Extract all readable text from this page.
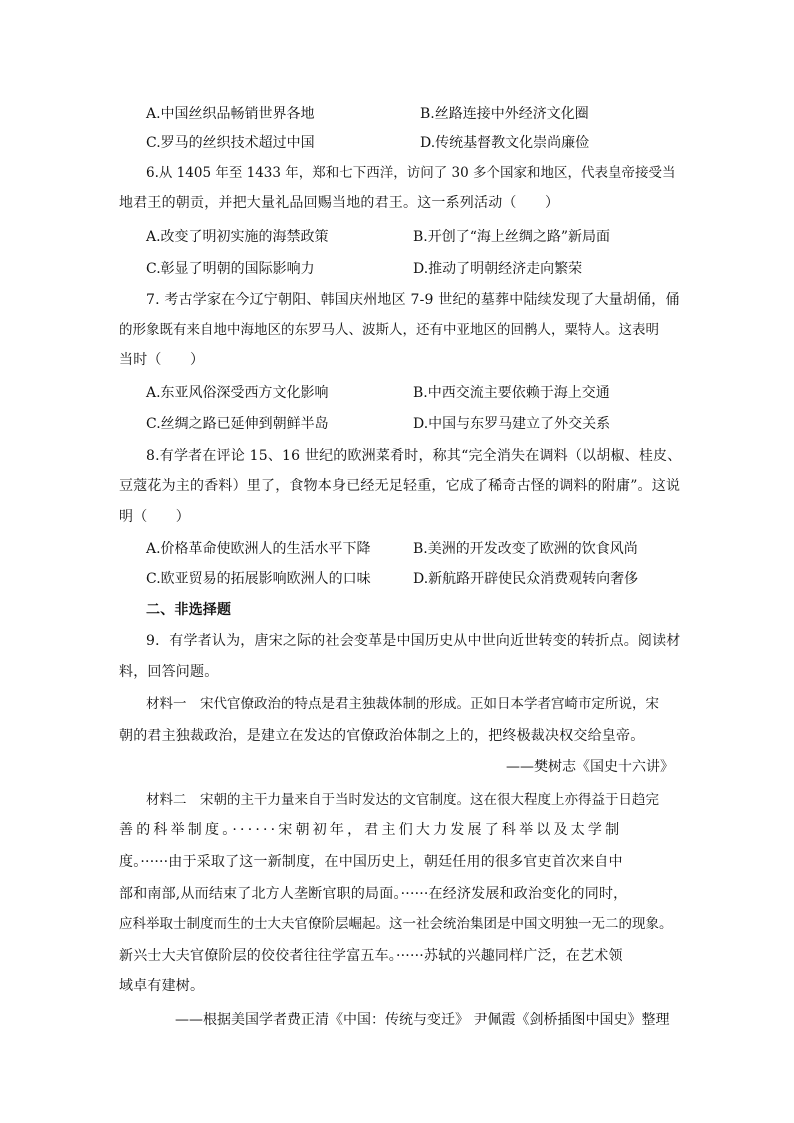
A.中国丝织品畅销世界各地	B.丝路连接中外经济文化圈
C.罗马的丝织技术超过中国	D.传统基督教文化崇尚廉俭
6.从 1405 年至 1433 年，郑和七下西洋，访问了 30 多个国家和地区，代表皇帝接受当
地君王的朝贡，并把大量礼品回赐当地的君王。这一系列活动（　　）
A.改变了明初实施的海禁政策	B.开创了“海上丝绸之路”新局面
C.彰显了明朝的国际影响力	D.推动了明朝经济走向繁荣
7. 考古学家在今辽宁朝阳、韩国庆州地区 7-9 世纪的墓葬中陆续发现了大量胡俑，俑
的形象既有来自地中海地区的东罗马人、波斯人，还有中亚地区的回鹘人，粟特人。这表明
当时（　　）
A.东亚风俗深受西方文化影响	B.中西交流主要依赖于海上交通
C.丝绸之路已延伸到朝鲜半岛	D.中国与东罗马建立了外交关系
8.有学者在评论 15、16 世纪的欧洲菜肴时，称其“完全消失在调料（以胡椒、桂皮、
豆蔻花为主的香料）里了，食物本身已经无足轻重，它成了稀奇古怪的调料的附庸”。这说
明（　　）
A.价格革命使欧洲人的生活水平下降	B.美洲的开发改变了欧洲的饮食风尚
C.欧亚贸易的拓展影响欧洲人的口味	D.新航路开辟使民众消费观转向奢侈
二、非选择题
9．有学者认为，唐宋之际的社会变革是中国历史从中世向近世转变的转折点。阅读材
料，回答问题。
材料一　宋代官僚政治的特点是君主独裁体制的形成。正如日本学者宫崎市定所说，宋
朝的君主独裁政治，是建立在发达的官僚政治体制之上的，把终极裁决权交给皇帝。
——樊树志《国史十六讲》
材料二　宋朝的主干力量来自于当时发达的文官制度。这在很大程度上亦得益于日趋完
善的科举制度。······宋朝初年，君主们大力发展了科举以及太学制
度。······由于采取了这一新制度，在中国历史上，朝廷任用的很多官吏首次来自中
部和南部,从而结束了北方人垄断官职的局面。······在经济发展和政治变化的同时，
应科举取士制度而生的士大夫官僚阶层崛起。这一社会统治集团是中国文明独一无二的现象。
新兴士大夫官僚阶层的佼佼者往往学富五车。······苏轼的兴趣同样广泛，在艺术领
域卓有建树。
——根据美国学者费正清《中国：传统与变迁》 尹佩霞《剑桥插图中国史》整理
